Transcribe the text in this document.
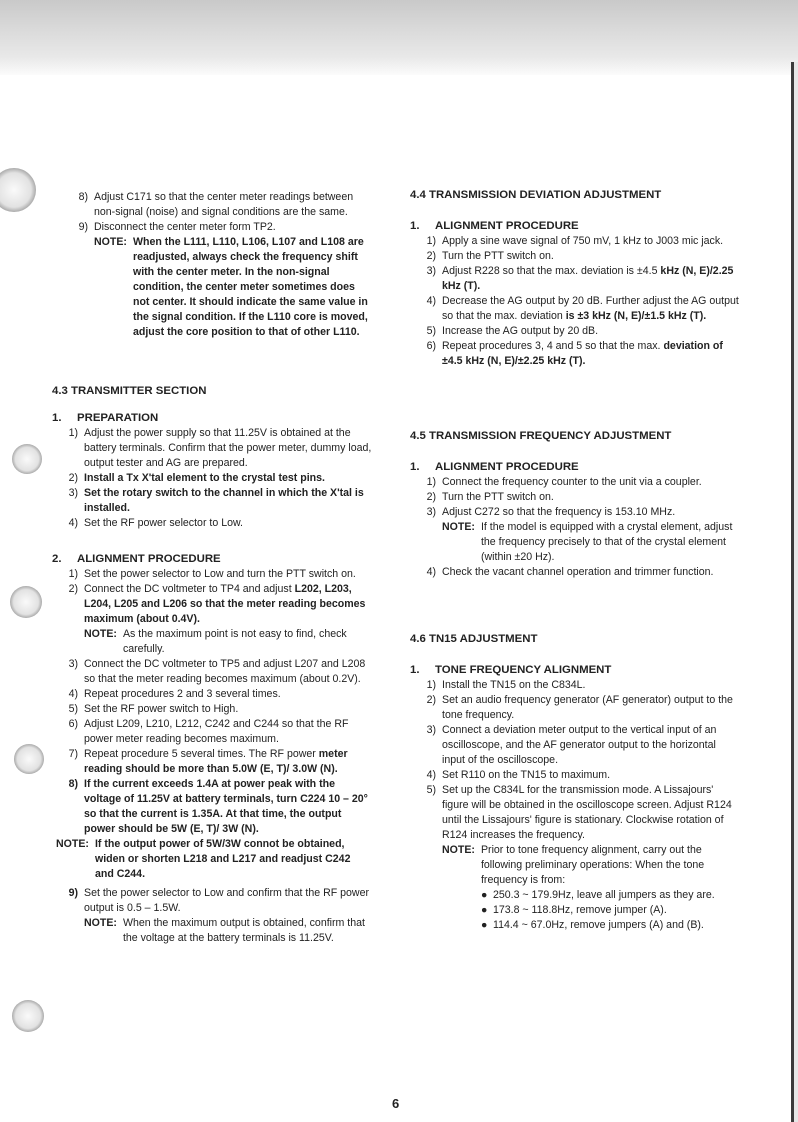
8) Adjust C171 so that the center meter readings between non-signal (noise) and signal conditions are the same.
9) Disconnect the center meter form TP2.
NOTE: When the L111, L110, L106, L107 and L108 are readjusted, always check the frequency shift with the center meter. In the non-signal condition, the center meter sometimes does not center. It should indicate the same value in the signal condition. If the L110 core is moved, adjust the core position to that of other L110.
4.3 TRANSMITTER SECTION
1.	PREPARATION
1) Adjust the power supply so that 11.25V is obtained at the battery terminals. Confirm that the power meter, dummy load, output tester and AG are prepared.
2) Install a Tx X'tal element to the crystal test pins.
3) Set the rotary switch to the channel in which the X'tal is installed.
4) Set the RF power selector to Low.
2.	ALIGNMENT PROCEDURE
1) Set the power selector to Low and turn the PTT switch on.
2) Connect the DC voltmeter to TP4 and adjust L202, L203, L204, L205 and L206 so that the meter reading becomes maximum (about 0.4V).
NOTE: As the maximum point is not easy to find, check carefully.
3) Connect the DC voltmeter to TP5 and adjust L207 and L208 so that the meter reading becomes maximum (about 0.2V).
4) Repeat procedures 2 and 3 several times.
5) Set the RF power switch to High.
6) Adjust L209, L210, L212, C242 and C244 so that the RF power meter reading becomes maximum.
7) Repeat procedure 5 several times. The RF power meter reading should be more than 5.0W (E, T)/ 3.0W (N).
8) If the current exceeds 1.4A at power peak with the voltage of 11.25V at battery terminals, turn C224 10 – 20° so that the current is 1.35A. At that time, the output power should be 5W (E, T)/ 3W (N).
NOTE: If the output power of 5W/3W connot be obtained, widen or shorten L218 and L217 and readjust C242 and C244.
9) Set the power selector to Low and confirm that the RF power output is 0.5 – 1.5W.
NOTE: When the maximum output is obtained, confirm that the voltage at the battery terminals is 11.25V.
4.4 TRANSMISSION DEVIATION ADJUSTMENT
1.	ALIGNMENT PROCEDURE
1) Apply a sine wave signal of 750 mV, 1 kHz to J003 mic jack.
2) Turn the PTT switch on.
3) Adjust R228 so that the max. deviation is ±4.5 kHz (N, E)/2.25 kHz (T).
4) Decrease the AG output by 20 dB. Further adjust the AG output so that the max. deviation is ±3 kHz (N, E)/±1.5 kHz (T).
5) Increase the AG output by 20 dB.
6) Repeat procedures 3, 4 and 5 so that the max. deviation of ±4.5 kHz (N, E)/±2.25 kHz (T).
4.5 TRANSMISSION FREQUENCY ADJUSTMENT
1.	ALIGNMENT PROCEDURE
1) Connect the frequency counter to the unit via a coupler.
2) Turn the PTT switch on.
3) Adjust C272 so that the frequency is 153.10 MHz.
NOTE: If the model is equipped with a crystal element, adjust the frequency precisely to that of the crystal element (within ±20 Hz).
4) Check the vacant channel operation and trimmer function.
4.6 TN15 ADJUSTMENT
1.	TONE FREQUENCY ALIGNMENT
1) Install the TN15 on the C834L.
2) Set an audio frequency generator (AF generator) output to the tone frequency.
3) Connect a deviation meter output to the vertical input of an oscilloscope, and the AF generator output to the horizontal input of the oscilloscope.
4) Set R110 on the TN15 to maximum.
5) Set up the C834L for the transmission mode. A Lissajours' figure will be obtained in the oscilloscope screen. Adjust R124 until the Lissajours' figure is stationary. Clockwise rotation of R124 increases the frequency.
NOTE: Prior to tone frequency alignment, carry out the following preliminary operations: When the tone frequency is from:
● 250.3 ~ 179.9Hz, leave all jumpers as they are.
● 173.8 ~ 118.8Hz, remove jumper (A).
● 114.4 ~ 67.0Hz, remove jumpers (A) and (B).
6
